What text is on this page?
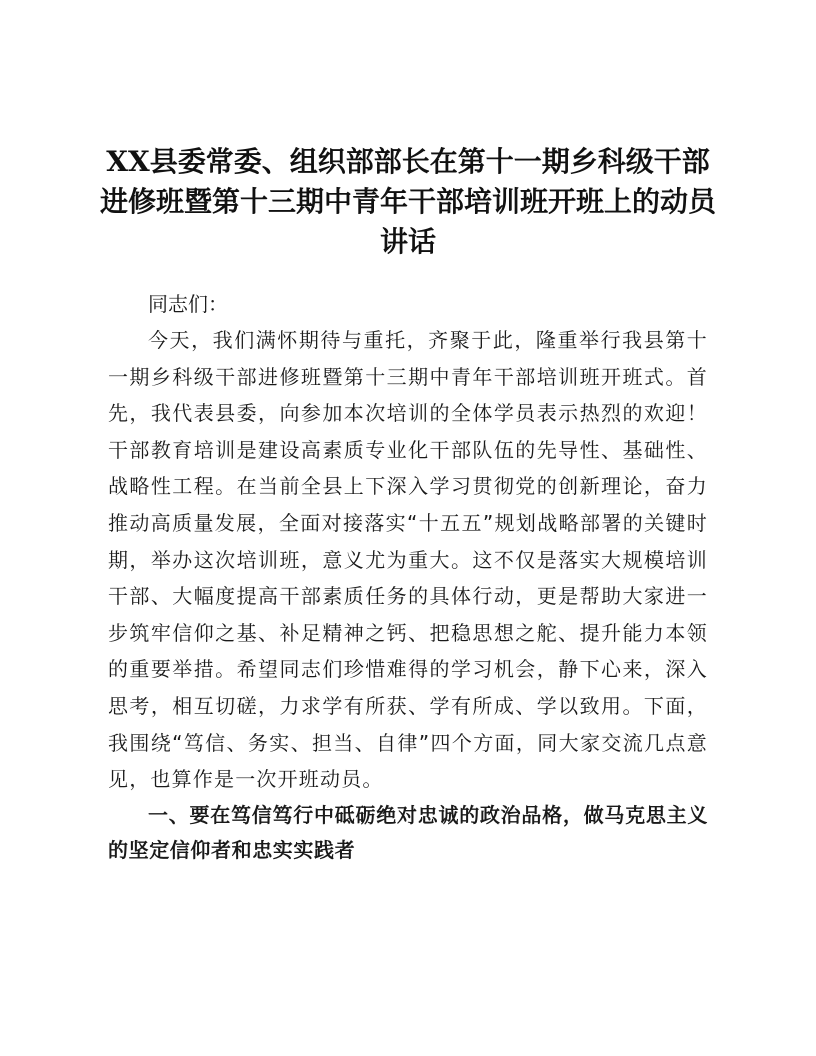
XX县委常委、组织部部长在第十一期乡科级干部进修班暨第十三期中青年干部培训班开班上的动员讲话

同志们：

今天，我们满怀期待与重托，齐聚于此，隆重举行我县第十一期乡科级干部进修班暨第十三期中青年干部培训班开班式。首先，我代表县委，向参加本次培训的全体学员表示热烈的欢迎！干部教育培训是建设高素质专业化干部队伍的先导性、基础性、战略性工程。在当前全县上下深入学习贯彻党的创新理论，奋力推动高质量发展，全面对接落实“十五五”规划战略部署的关键时期，举办这次培训班，意义尤为重大。这不仅是落实大规模培训干部、大幅度提高干部素质任务的具体行动，更是帮助大家进一步筑牢信仰之基、补足精神之钙、把稳思想之舵、提升能力本领的重要举措。希望同志们珍惜难得的学习机会，静下心来，深入思考，相互切磋，力求学有所获、学有所成、学以致用。下面，我围绕“笃信、务实、担当、自律”四个方面，同大家交流几点意见，也算作是一次开班动员。

一、要在笃信笃行中砥砺绝对忠诚的政治品格，做马克思主义的坚定信仰者和忠实实践者
